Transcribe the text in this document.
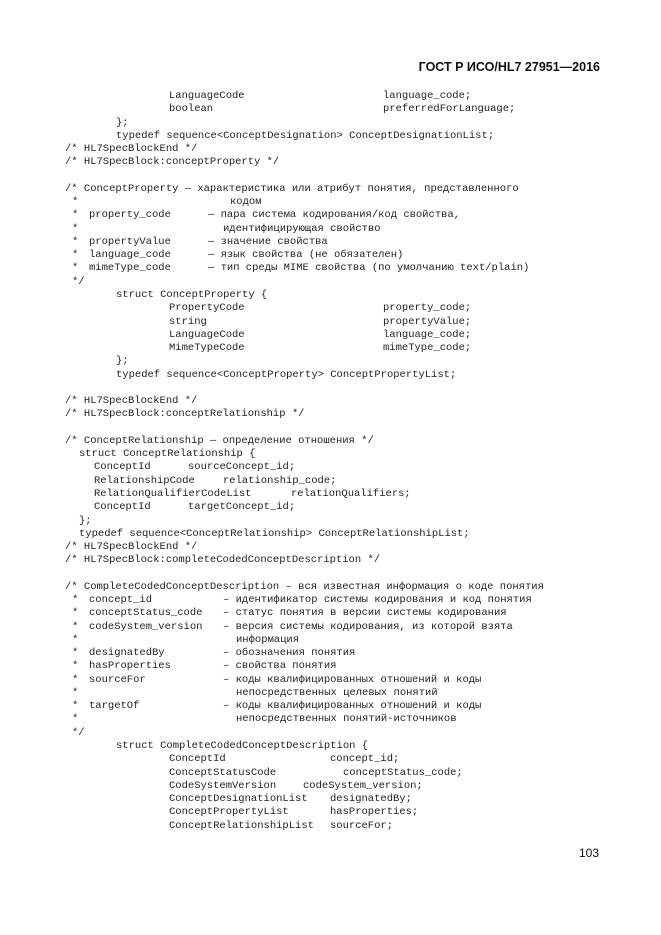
ГОСТ Р ИСО/HL7 27951—2016
LanguageCode	language_code;
boolean	preferredForLanguage;
};
typedef sequence<ConceptDesignation> ConceptDesignationList;
/* HL7SpecBlockEnd */
/* HL7SpecBlock:conceptProperty */
/* ConceptProperty — характеристика или атрибут понятия, представленного
*	кодом
* property_code	— пара система кодирования/код свойства,
*	идентифицирующая свойство
* propertyValue	— значение свойства
* language_code	— язык свойства (не обязателен)
* mimeType_code	— тип среды MIME свойства (по умолчанию text/plain)
*/
struct ConceptProperty {
PropertyCode	property_code;
string	propertyValue;
LanguageCode	language_code;
MimeTypeCode	mimeType_code;
};
typedef sequence<ConceptProperty> ConceptPropertyList;
/* HL7SpecBlockEnd */
/* HL7SpecBlock:conceptRelationship */
/* ConceptRelationship — определение отношения */
struct ConceptRelationship {
ConceptId	sourceConcept_id;
RelationshipCode	relationship_code;
RelationQualifierCodeList	relationQualifiers;
ConceptId	targetConcept_id;
};
typedef sequence<ConceptRelationship> ConceptRelationshipList;
/* HL7SpecBlockEnd */
/* HL7SpecBlock:completeCodedConceptDescription */
/* CompleteCodedConceptDescription – вся известная информация о коде понятия
* concept_id	– идентификатор системы кодирования и код понятия
* conceptStatus_code – статус понятия в версии системы кодирования
* codeSystem_version – версия системы кодирования, из которой взята
*	информация
* designatedBy	– обозначения понятия
* hasProperties	– свойства понятия
* sourceFor	– коды квалифицированных отношений и коды
*	непосредственных целевых понятий
* targetOf	– коды квалифицированных отношений и коды
*	непосредственных понятий-источников
*/
struct CompleteCodedConceptDescription {
ConceptId	concept_id;
ConceptStatusCode	conceptStatus_code;
CodeSystemVersion	codeSystem_version;
ConceptDesignationList designatedBy;
ConceptPropertyList	hasProperties;
ConceptRelationshipList sourceFor;
103
